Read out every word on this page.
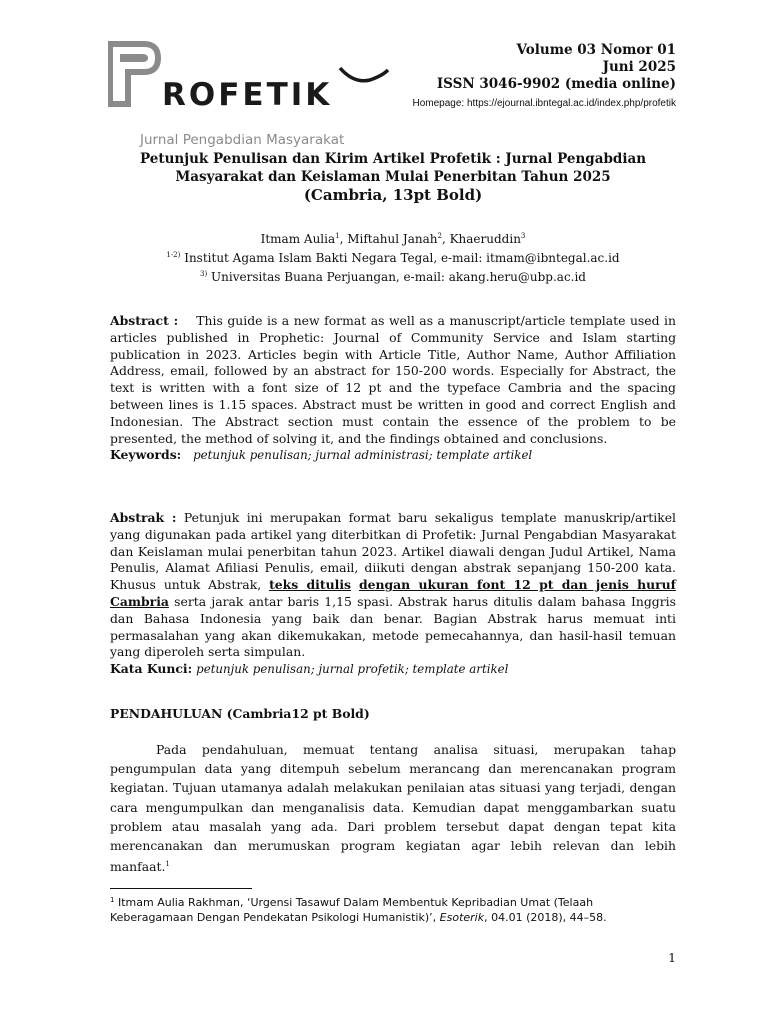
ROFETIK
Jurnal Pengabdian Masyarakat
Volume 03 Nomor 01
Juni 2025
ISSN 3046-9902 (media online)
Homepage: https://ejournal.ibntegal.ac.id/index.php/profetik
Petunjuk Penulisan dan Kirim Artikel Profetik : Jurnal Pengabdian
Masyarakat dan Keislaman Mulai Penerbitan Tahun 2025
(Cambria, 13pt Bold)
Itmam Aulia$^1$, Miftahul Janah$^2$, Khaeruddin$^3$
$^{1-2)}$ Institut Agama Islam Bakti Negara Tegal, e-mail: itmam@ibntegal.ac.id
$^{3)}$ Universitas Buana Perjuangan, e-mail: akang.heru@ubp.ac.id
Abstract : This guide is a new format as well as a manuscript/article template used in articles published in Prophetic: Journal of Community Service and Islam starting publication in 2023. Articles begin with Article Title, Author Name, Author Affiliation Address, email, followed by an abstract for 150-200 words. Especially for Abstract, the text is written with a font size of 12 pt and the typeface Cambria and the spacing between lines is 1.15 spaces. Abstract must be written in good and correct English and Indonesian. The Abstract section must contain the essence of the problem to be presented, the method of solving it, and the findings obtained and conclusions.
Keywords: petunjuk penulisan; jurnal administrasi; template artikel
Abstrak : Petunjuk ini merupakan format baru sekaligus template manuskrip/artikel yang digunakan pada artikel yang diterbitkan di Profetik: Jurnal Pengabdian Masyarakat dan Keislaman mulai penerbitan tahun 2023. Artikel diawali dengan Judul Artikel, Nama Penulis, Alamat Afiliasi Penulis, email, diikuti dengan abstrak sepanjang 150-200 kata. Khusus untuk Abstrak, teks ditulis dengan ukuran font 12 pt dan jenis huruf Cambria serta jarak antar baris 1,15 spasi. Abstrak harus ditulis dalam bahasa Inggris dan Bahasa Indonesia yang baik dan benar. Bagian Abstrak harus memuat inti permasalahan yang akan dikemukakan, metode pemecahannya, dan hasil-hasil temuan yang diperoleh serta simpulan.
Kata Kunci: petunjuk penulisan; jurnal profetik; template artikel
PENDAHULUAN (Cambria12 pt Bold)
Pada pendahuluan, memuat tentang analisa situasi, merupakan tahap pengumpulan data yang ditempuh sebelum merancang dan merencanakan program kegiatan. Tujuan utamanya adalah melakukan penilaian atas situasi yang terjadi, dengan cara mengumpulkan dan menganalisis data. Kemudian dapat menggambarkan suatu problem atau masalah yang ada. Dari problem tersebut dapat dengan tepat kita merencanakan dan merumuskan program kegiatan agar lebih relevan dan lebih manfaat.$^1$
$^1$ Itmam Aulia Rakhman, ‘Urgensi Tasawuf Dalam Membentuk Kepribadian Umat (Telaah Keberagamaan Dengan Pendekatan Psikologi Humanistik)’, Esoterik, 04.01 (2018), 44–58.
1
